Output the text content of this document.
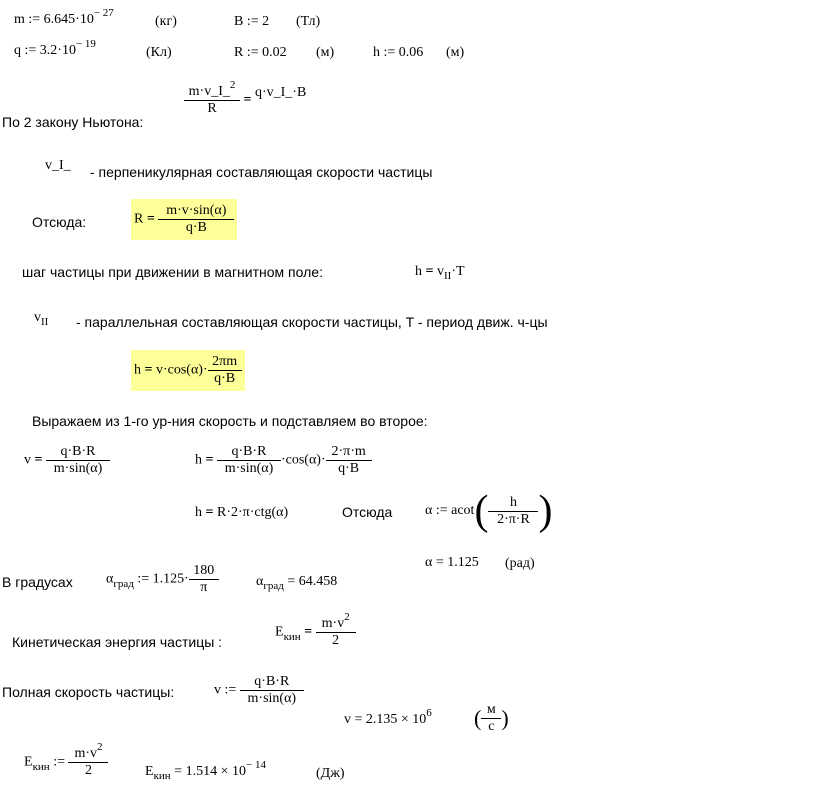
m := $6.645\cdot 10^{- 27}$
(кг)	B := 2 (Тл)
q := $3.2\cdot 10^{- 19}$
(Кл)	R := 0.02 (м)	h := 0.06 (м)
По 2 закону Ньютона:
$\frac{m\cdot v\_I\_^2}{R}$ = q·v_I_·B
v_I_ - перпеникулярная составляющая скорости частицы
Отсюда:	$R = \frac{m\cdot v\cdot\sin(\alpha)}{q\cdot B}$
шаг частицы при движении в магнитном поле:	$h = v_{II}\cdot T$
$v_{II}$ - параллельная составляющая скорости частицы, T - период движ. ч-цы
$h = v\cdot\cos(\alpha)\cdot \frac{2\pi m}{q\cdot B}$
Выражаем из 1-го ур-ния скорость и подставляем во второе:
$v = \frac{q\cdot B\cdot R}{m\cdot\sin(\alpha)}$	$h = \frac{q\cdot B\cdot R}{m\cdot\sin(\alpha)} \cdot\cos(\alpha)\cdot \frac{2\cdot\pi\cdot m}{q\cdot B}$
h = R·2·π·ctg(α)	Отсюда α := $acot( \frac{h}{2\cdot\pi\cdot R}$ )
α = 1.125 (рад)
В градусах $\alpha_{град}$ := $1.125\cdot \frac{180}{\pi}$	$\alpha_{град} = 64.458$
Кинетическая энергия частицы :
$E_{кин} = \frac{m\cdot v^2}{2}$
Полная скорость частицы:	v := $\frac{q\cdot B\cdot R}{m\cdot\sin(\alpha)}$
$v = 2.135 \times 10^6$ ( $\frac{м}{с}$ )
$E_{кин}$ := $\frac{m\cdot v^2}{2}$	$E_{кин} = 1.514 \times 10^{- 14}$
(Дж)
